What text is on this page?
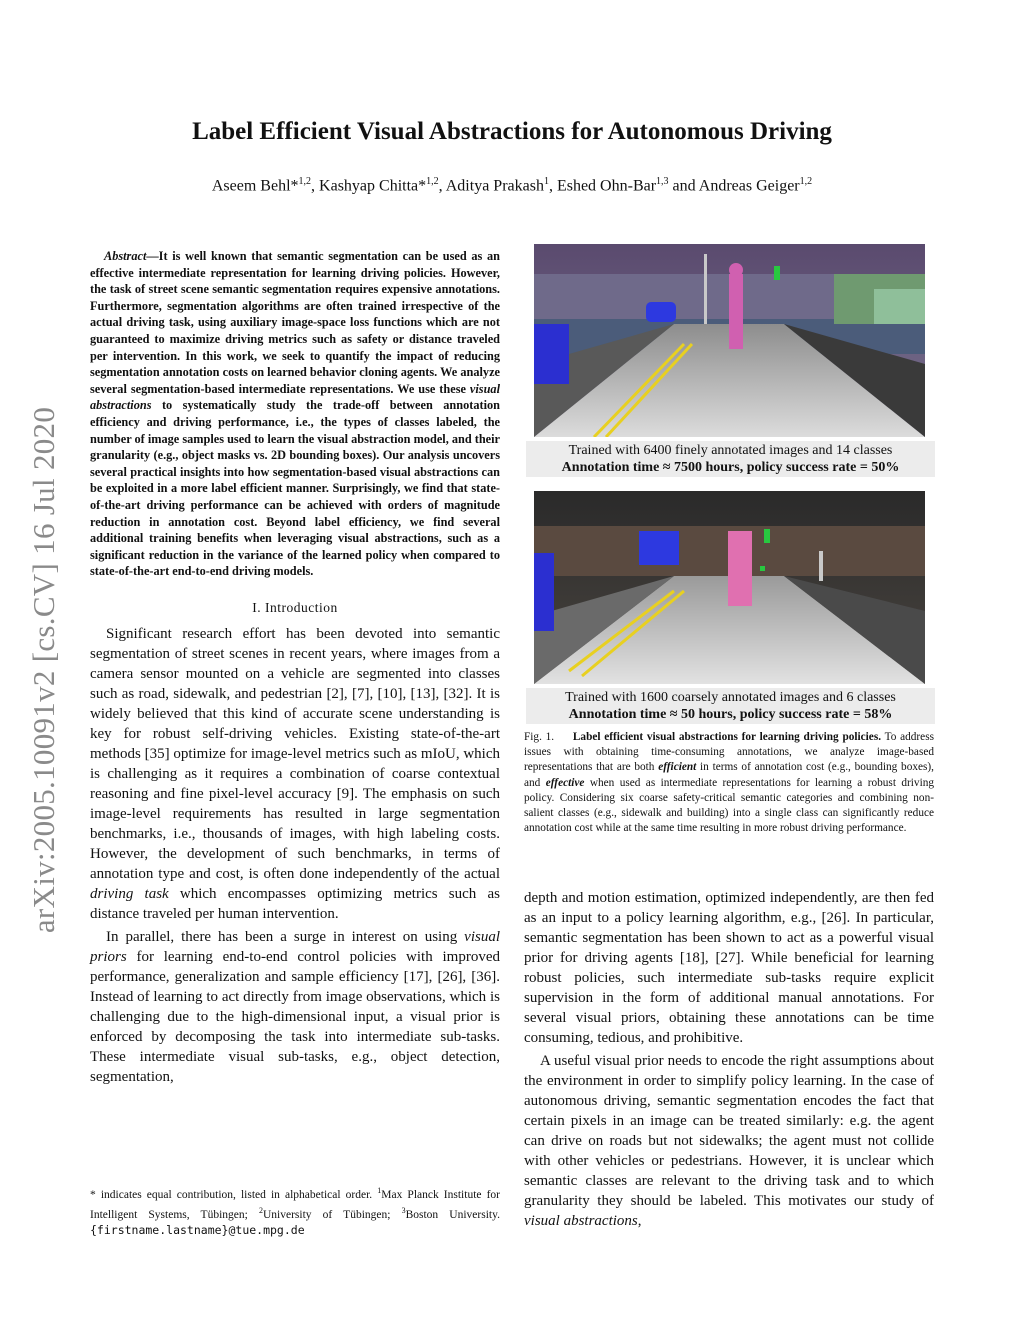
arXiv:2005.10091v2 [cs.CV] 16 Jul 2020
Label Efficient Visual Abstractions for Autonomous Driving
Aseem Behl*$^{1,2}$, Kashyap Chitta*$^{1,2}$, Aditya Prakash$^1$, Eshed Ohn-Bar$^{1,3}$ and Andreas Geiger$^{1,2}$

Abstract—It is well known that semantic segmentation can be used as an effective intermediate representation for learning driving policies. However, the task of street scene semantic segmentation requires expensive annotations. Furthermore, segmentation algorithms are often trained irrespective of the actual driving task, using auxiliary image-space loss functions which are not guaranteed to maximize driving metrics such as safety or distance traveled per intervention. In this work, we seek to quantify the impact of reducing segmentation annotation costs on learned behavior cloning agents. We analyze several segmentation-based intermediate representations. We use these visual abstractions to systematically study the trade-off between annotation efficiency and driving performance, i.e., the types of classes labeled, the number of image samples used to learn the visual abstraction model, and their granularity (e.g., object masks vs. 2D bounding boxes). Our analysis uncovers several practical insights into how segmentation-based visual abstractions can be exploited in a more label efficient manner. Surprisingly, we find that state-of-the-art driving performance can be achieved with orders of magnitude reduction in annotation cost. Beyond label efficiency, we find several additional training benefits when leveraging visual abstractions, such as a significant reduction in the variance of the learned policy when compared to state-of-the-art end-to-end driving models.

I. Introduction

Significant research effort has been devoted into semantic segmentation of street scenes in recent years, where images from a camera sensor mounted on a vehicle are segmented into classes such as road, sidewalk, and pedestrian [2], [7], [10], [13], [32]. It is widely believed that this kind of accurate scene understanding is key for robust self-driving vehicles. Existing state-of-the-art methods [35] optimize for image-level metrics such as mIoU, which is challenging as it requires a combination of coarse contextual reasoning and fine pixel-level accuracy [9]. The emphasis on such image-level requirements has resulted in large segmentation benchmarks, i.e., thousands of images, with high labeling costs. However, the development of such benchmarks, in terms of annotation type and cost, is often done independently of the actual driving task which encompasses optimizing metrics such as distance traveled per human intervention.

In parallel, there has been a surge in interest on using visual priors for learning end-to-end control policies with improved performance, generalization and sample efficiency [17], [26], [36]. Instead of learning to act directly from image observations, which is challenging due to the high-dimensional input, a visual prior is enforced by decomposing the task into intermediate sub-tasks. These intermediate visual sub-tasks, e.g., object detection, segmentation,

* indicates equal contribution, listed in alphabetical order. $^1$Max Planck Institute for Intelligent Systems, Tübingen; $^2$University of Tübingen; $^3$Boston University. {firstname.lastname}@tue.mpg.de
Trained with 6400 finely annotated images and 14 classes
Annotation time ≈ 7500 hours, policy success rate = 50%
Trained with 1600 coarsely annotated images and 6 classes
Annotation time ≈ 50 hours, policy success rate = 58%
Fig. 1. Label efficient visual abstractions for learning driving policies. To address issues with obtaining time-consuming annotations, we analyze image-based representations that are both efficient in terms of annotation cost (e.g., bounding boxes), and effective when used as intermediate representations for learning a robust driving policy. Considering six coarse safety-critical semantic categories and combining non-salient classes (e.g., sidewalk and building) into a single class can significantly reduce annotation cost while at the same time resulting in more robust driving performance.

depth and motion estimation, optimized independently, are then fed as an input to a policy learning algorithm, e.g., [26]. In particular, semantic segmentation has been shown to act as a powerful visual prior for driving agents [18], [27]. While beneficial for learning robust policies, such intermediate sub-tasks require explicit supervision in the form of additional manual annotations. For several visual priors, obtaining these annotations can be time consuming, tedious, and prohibitive.

A useful visual prior needs to encode the right assumptions about the environment in order to simplify policy learning. In the case of autonomous driving, semantic segmentation encodes the fact that certain pixels in an image can be treated similarly: e.g. the agent can drive on roads but not sidewalks; the agent must not collide with other vehicles or pedestrians. However, it is unclear which semantic classes are relevant to the driving task and to which granularity they should be labeled. This motivates our study of visual abstractions,
